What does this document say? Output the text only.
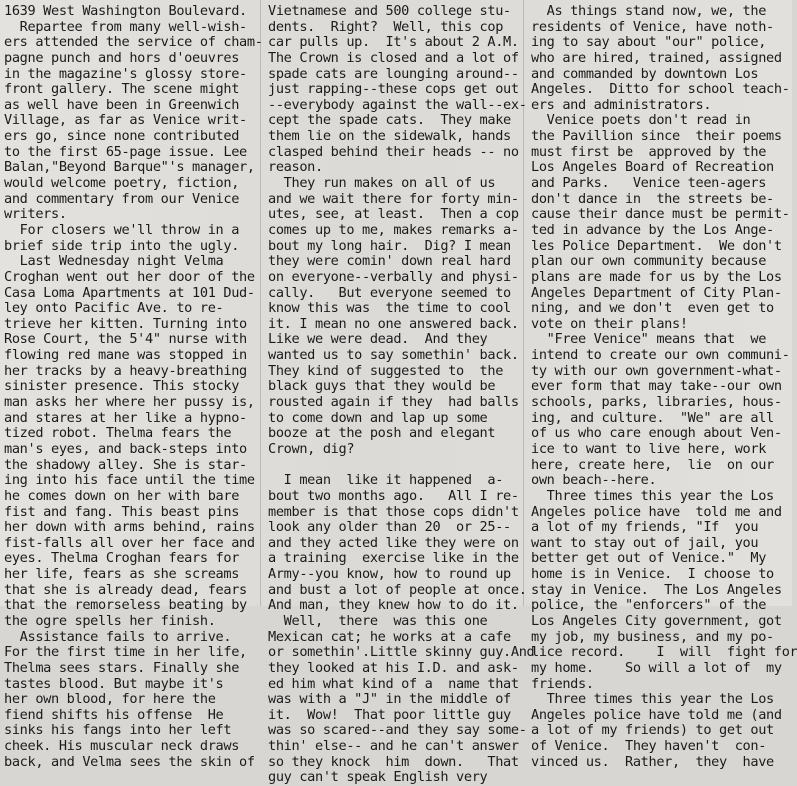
1639 West Washington Boulevard.
Repartee from many well-wish-
ers attended the service of cham-
pagne punch and hors d'oeuvres
in the magazine's glossy store-
front gallery. The scene might
as well have been in Greenwich
Village, as far as Venice writ-
ers go, since none contributed
to the first 65-page issue. Lee
Balan,"Beyond Barque"'s manager,
would welcome poetry, fiction,
and commentary from our Venice
writers.
For closers we'll throw in a
brief side trip into the ugly.
Last Wednesday night Velma
Croghan went out her door of the
Casa Loma Apartments at 101 Dud-
ley onto Pacific Ave. to re-
trieve her kitten. Turning into
Rose Court, the 5'4" nurse with
flowing red mane was stopped in
her tracks by a heavy-breathing
sinister presence. This stocky
man asks her where her pussy is,
and stares at her like a hypno-
tized robot. Thelma fears the
man's eyes, and back-steps into
the shadowy alley. She is star-
ing into his face until the time
he comes down on her with bare
fist and fang. This beast pins
her down with arms behind, rains
fist-falls all over her face and
eyes. Thelma Croghan fears for
her life, fears as she screams
that she is already dead, fears
that the remorseless beating by
the ogre spells her finish.
Assistance fails to arrive.
For the first time in her life,
Thelma sees stars. Finally she
tastes blood. But maybe it's
her own blood, for here the
fiend shifts his offense  He
sinks his fangs into her left
cheek. His muscular neck draws
back, and Velma sees the skin of
Vietnamese and 500 college stu-
dents.  Right?  Well, this cop
car pulls up.  It's about 2 A.M.
The Crown is closed and a lot of
spade cats are lounging around--
just rapping--these cops get out
--everybody against the wall--ex-
cept the spade cats.  They make
them lie on the sidewalk, hands
clasped behind their heads -- no
reason.
They run makes on all of us
and we wait there for forty min-
utes, see, at least.  Then a cop
comes up to me, makes remarks a-
bout my long hair.  Dig? I mean
they were comin' down real hard
on everyone--verbally and physi-
cally.   But everyone seemed to
know this was  the time to cool
it. I mean no one answered back.
Like we were dead.  And they
wanted us to say somethin' back.
They kind of suggested to  the
black guys that they would be
rousted again if they  had balls
to come down and lap up some
booze at the posh and elegant
Crown, dig?
I mean  like it happened  a-
bout two months ago.   All I re-
member is that those cops didn't
look any older than 20  or 25--
and they acted like they were on
a training  exercise like in the
Army--you know, how to round up
and bust a lot of people at once.
And man, they knew how to do it.
Well,  there  was this one
Mexican cat; he works at a cafe
or somethin'.Little skinny guy.And
they looked at his I.D. and ask-
ed him what kind of a  name that
was with a "J" in the middle of
it.  Wow!  That poor little guy
was so scared--and they say some-
thin' else-- and he can't answer
so they knock  him  down.   That
guy can't speak English very
As things stand now, we, the
residents of Venice, have noth-
ing to say about "our" police,
who are hired, trained, assigned
and commanded by downtown Los
Angeles.  Ditto for school teach-
ers and administrators.
Venice poets don't read in
the Pavillion since  their poems
must first be  approved by the
Los Angeles Board of Recreation
and Parks.   Venice teen-agers
don't dance in  the streets be-
cause their dance must be permit-
ted in advance by the Los Ange-
les Police Department.  We don't
plan our own community because
plans are made for us by the Los
Angeles Department of City Plan-
ning, and we don't  even get to
vote on their plans!
"Free Venice" means that  we
intend to create our own communi-
ty with our own government-what-
ever form that may take--our own
schools, parks, libraries, hous-
ing, and culture.  "We" are all
of us who care enough about Ven-
ice to want to live here, work
here, create here,  lie  on our
own beach--here.
Three times this year the Los
Angeles police have  told me and
a lot of my friends, "If  you
want to stay out of jail, you
better get out of Venice."  My
home is in Venice.  I choose to
stay in Venice.  The Los Angeles
police, the "enforcers" of the
Los Angeles City government, got
my job, my business, and my po-
lice record.    I  will  fight for
my home.    So will a lot of  my
friends.
Three times this year the Los
Angeles police have told me (and
a lot of my friends) to get out
of Venice.  They haven't  con-
vinced us.  Rather,  they  have
